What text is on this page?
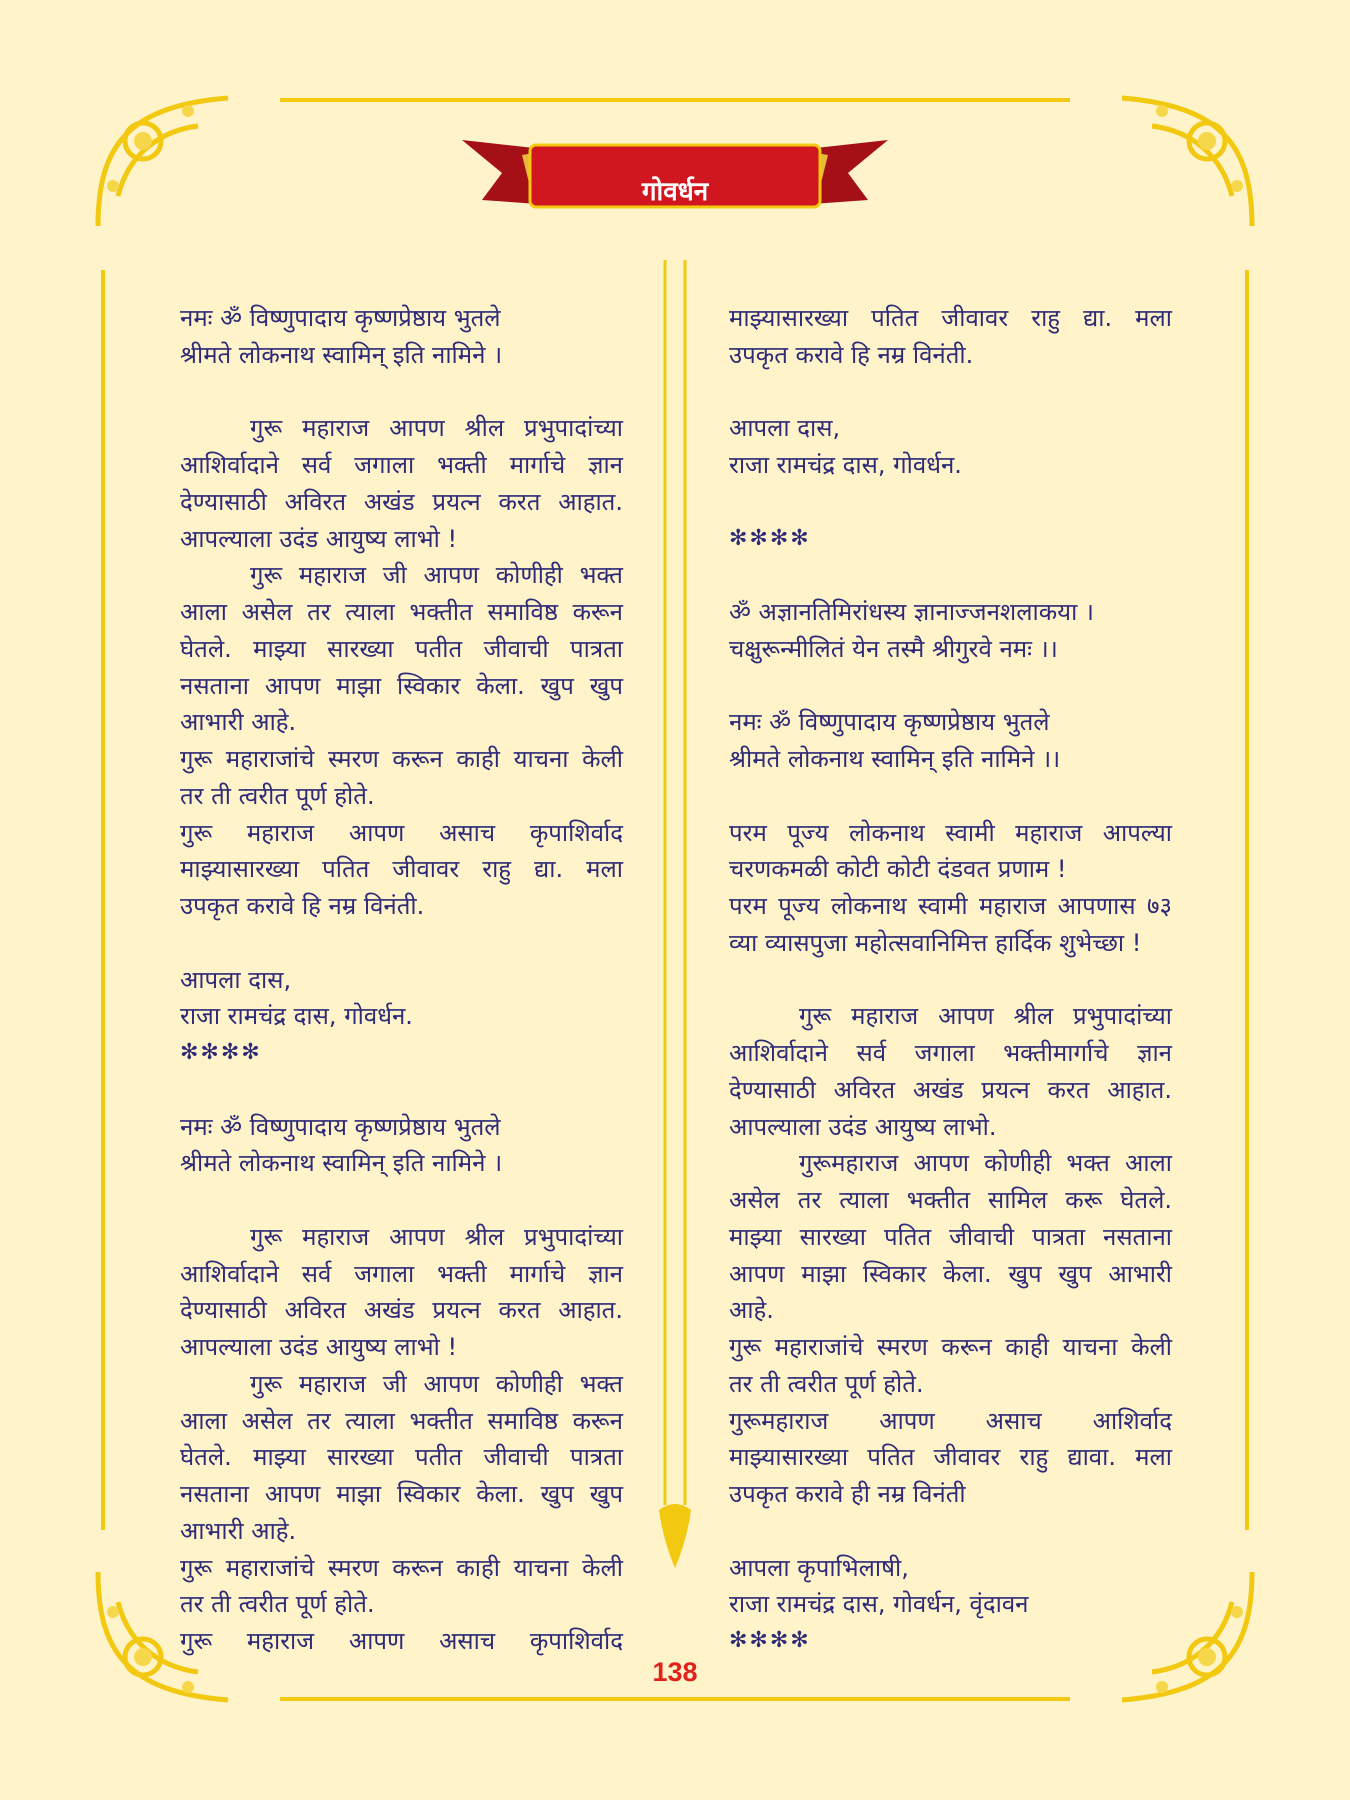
गोवर्धन
नमः ॐ विष्णुपादाय कृष्णप्रेष्ठाय भुतले
श्रीमते लोकनाथ स्वामिन् इति नामिने ।
गुरू महाराज आपण श्रील प्रभुपादांच्या
आशिर्वादाने सर्व जगाला भक्ती मार्गाचे ज्ञान
देण्यासाठी अविरत अखंड प्रयत्न करत आहात.
आपल्याला उदंड आयुष्य लाभो !
गुरू महाराज जी आपण कोणीही भक्त
आला असेल तर त्याला भक्तीत समाविष्ठ करून
घेतले. माझ्या सारख्या पतीत जीवाची पात्रता
नसताना आपण माझा स्विकार केला. खुप खुप
आभारी आहे.
गुरू महाराजांचे स्मरण करून काही याचना केली
तर ती त्वरीत पूर्ण होते.
गुरू महाराज आपण असाच कृपाशिर्वाद
माझ्यासारख्या पतित जीवावर राहु द्या. मला
उपकृत करावे हि नम्र विनंती.
आपला दास,
राजा रामचंद्र दास, गोवर्धन.
✻✻✻✻
नमः ॐ विष्णुपादाय कृष्णप्रेष्ठाय भुतले
श्रीमते लोकनाथ स्वामिन् इति नामिने ।
गुरू महाराज आपण श्रील प्रभुपादांच्या
आशिर्वादाने सर्व जगाला भक्ती मार्गाचे ज्ञान
देण्यासाठी अविरत अखंड प्रयत्न करत आहात.
आपल्याला उदंड आयुष्य लाभो !
गुरू महाराज जी आपण कोणीही भक्त
आला असेल तर त्याला भक्तीत समाविष्ठ करून
घेतले. माझ्या सारख्या पतीत जीवाची पात्रता
नसताना आपण माझा स्विकार केला. खुप खुप
आभारी आहे.
गुरू महाराजांचे स्मरण करून काही याचना केली
तर ती त्वरीत पूर्ण होते.
गुरू महाराज आपण असाच कृपाशिर्वाद
माझ्यासारख्या पतित जीवावर राहु द्या. मला
उपकृत करावे हि नम्र विनंती.
आपला दास,
राजा रामचंद्र दास, गोवर्धन.
✻✻✻✻
ॐ अज्ञानतिमिरांधस्य ज्ञानाज्जनशलाकया ।
चक्षुरून्मीलितं येन तस्मै श्रीगुरवे नमः ।।
नमः ॐ विष्णुपादाय कृष्णप्रेष्ठाय भुतले
श्रीमते लोकनाथ स्वामिन् इति नामिने ।।
परम पूज्य लोकनाथ स्वामी महाराज आपल्या
चरणकमळी कोटी कोटी दंडवत प्रणाम !
परम पूज्य लोकनाथ स्वामी महाराज आपणास ७३
व्या व्यासपुजा महोत्सवानिमित्त हार्दिक शुभेच्छा !
गुरू महाराज आपण श्रील प्रभुपादांच्या
आशिर्वादाने सर्व जगाला भक्तीमार्गाचे ज्ञान
देण्यासाठी अविरत अखंड प्रयत्न करत आहात.
आपल्याला उदंड आयुष्य लाभो.
गुरूमहाराज आपण कोणीही भक्त आला
असेल तर त्याला भक्तीत सामिल करू घेतले.
माझ्या सारख्या पतित जीवाची पात्रता नसताना
आपण माझा स्विकार केला. खुप खुप आभारी
आहे.
गुरू महाराजांचे स्मरण करून काही याचना केली
तर ती त्वरीत पूर्ण होते.
गुरूमहाराज आपण असाच आशिर्वाद
माझ्यासारख्या पतित जीवावर राहु द्यावा. मला
उपकृत करावे ही नम्र विनंती
आपला कृपाभिलाषी,
राजा रामचंद्र दास, गोवर्धन, वृंदावन
✻✻✻✻
138
